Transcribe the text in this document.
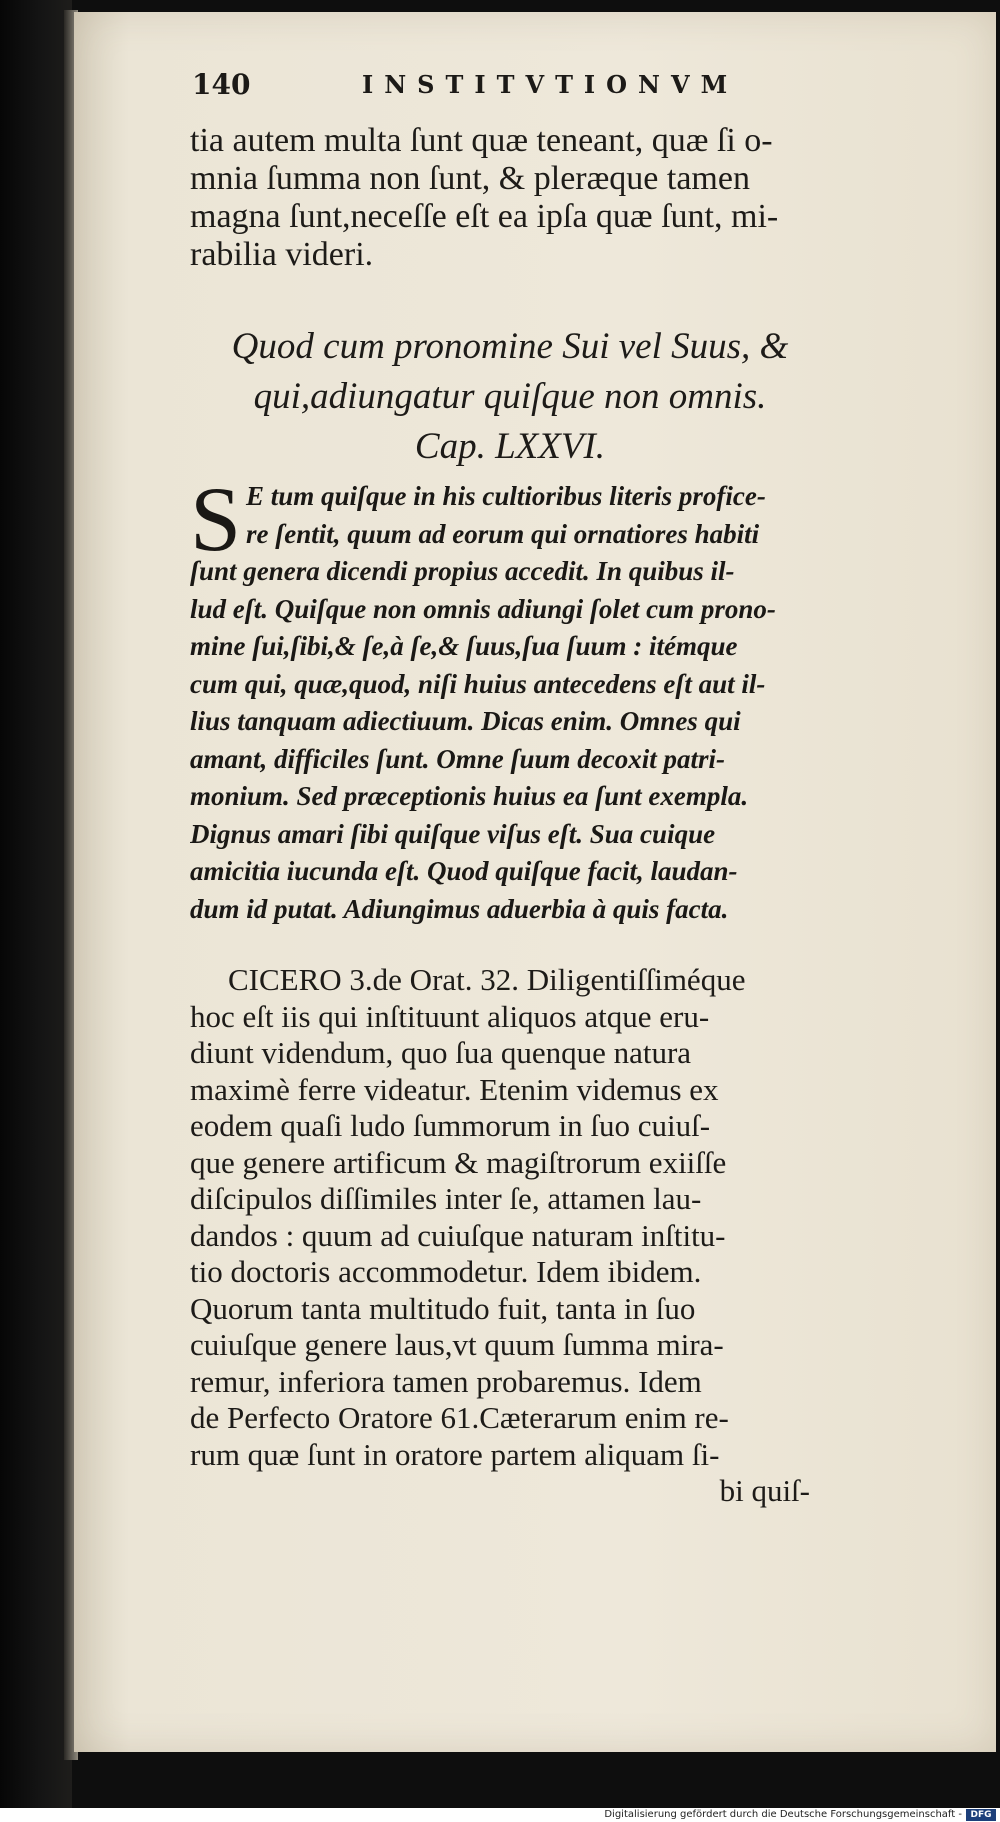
140	INSTITVTIONVM
tia autem multa ſunt quæ teneant, quæ ſi o-
mnia ſumma non ſunt, & pleræque tamen
magna ſunt,neceſſe eſt ea ipſa quæ ſunt, mi-
rabilia videri.
Quod cum pronomine Sui vel Suus, &
qui,adiungatur quiſque non omnis.
Cap. LXXVI.
S E tum quiſque in his cultioribus literis profice-
re ſentit, quum ad eorum qui ornatiores habiti
ſunt genera dicendi propius accedit. In quibus il-
lud eſt. Quiſque non omnis adiungi ſolet cum prono-
mine ſui,ſibi,& ſe,à ſe,& ſuus,ſua ſuum : itémque
cum qui, quæ,quod, niſi huius antecedens eſt aut il-
lius tanquam adiectiuum. Dicas enim. Omnes qui
amant, difficiles ſunt. Omne ſuum decoxit patri-
monium. Sed præceptionis huius ea ſunt exempla.
Dignus amari ſibi quiſque viſus eſt. Sua cuique
amicitia iucunda eſt. Quod quiſque facit, laudan-
dum id putat. Adiungimus aduerbia à quis facta.
CICERO 3.de Orat. 32. Diligentiſſiméque
hoc eſt iis qui inſtituunt aliquos atque eru-
diunt videndum, quo ſua quenque natura
maximè ferre videatur. Etenim videmus ex
eodem quaſi ludo ſummorum in ſuo cuiuſ-
que genere artificum & magiſtrorum exiiſſe
diſcipulos diſſimiles inter ſe, attamen lau-
dandos : quum ad cuiuſque naturam inſtitu-
tio doctoris accommodetur. Idem ibidem.
Quorum tanta multitudo fuit, tanta in ſuo
cuiuſque genere laus,vt quum ſumma mira-
remur, inferiora tamen probaremus. Idem
de Perfecto Oratore 61.Cæterarum enim re-
rum quæ ſunt in oratore partem aliquam ſi-
bi quiſ-
Digitalisierung gefördert durch die Deutsche Forschungsgemeinschaft - DFG
